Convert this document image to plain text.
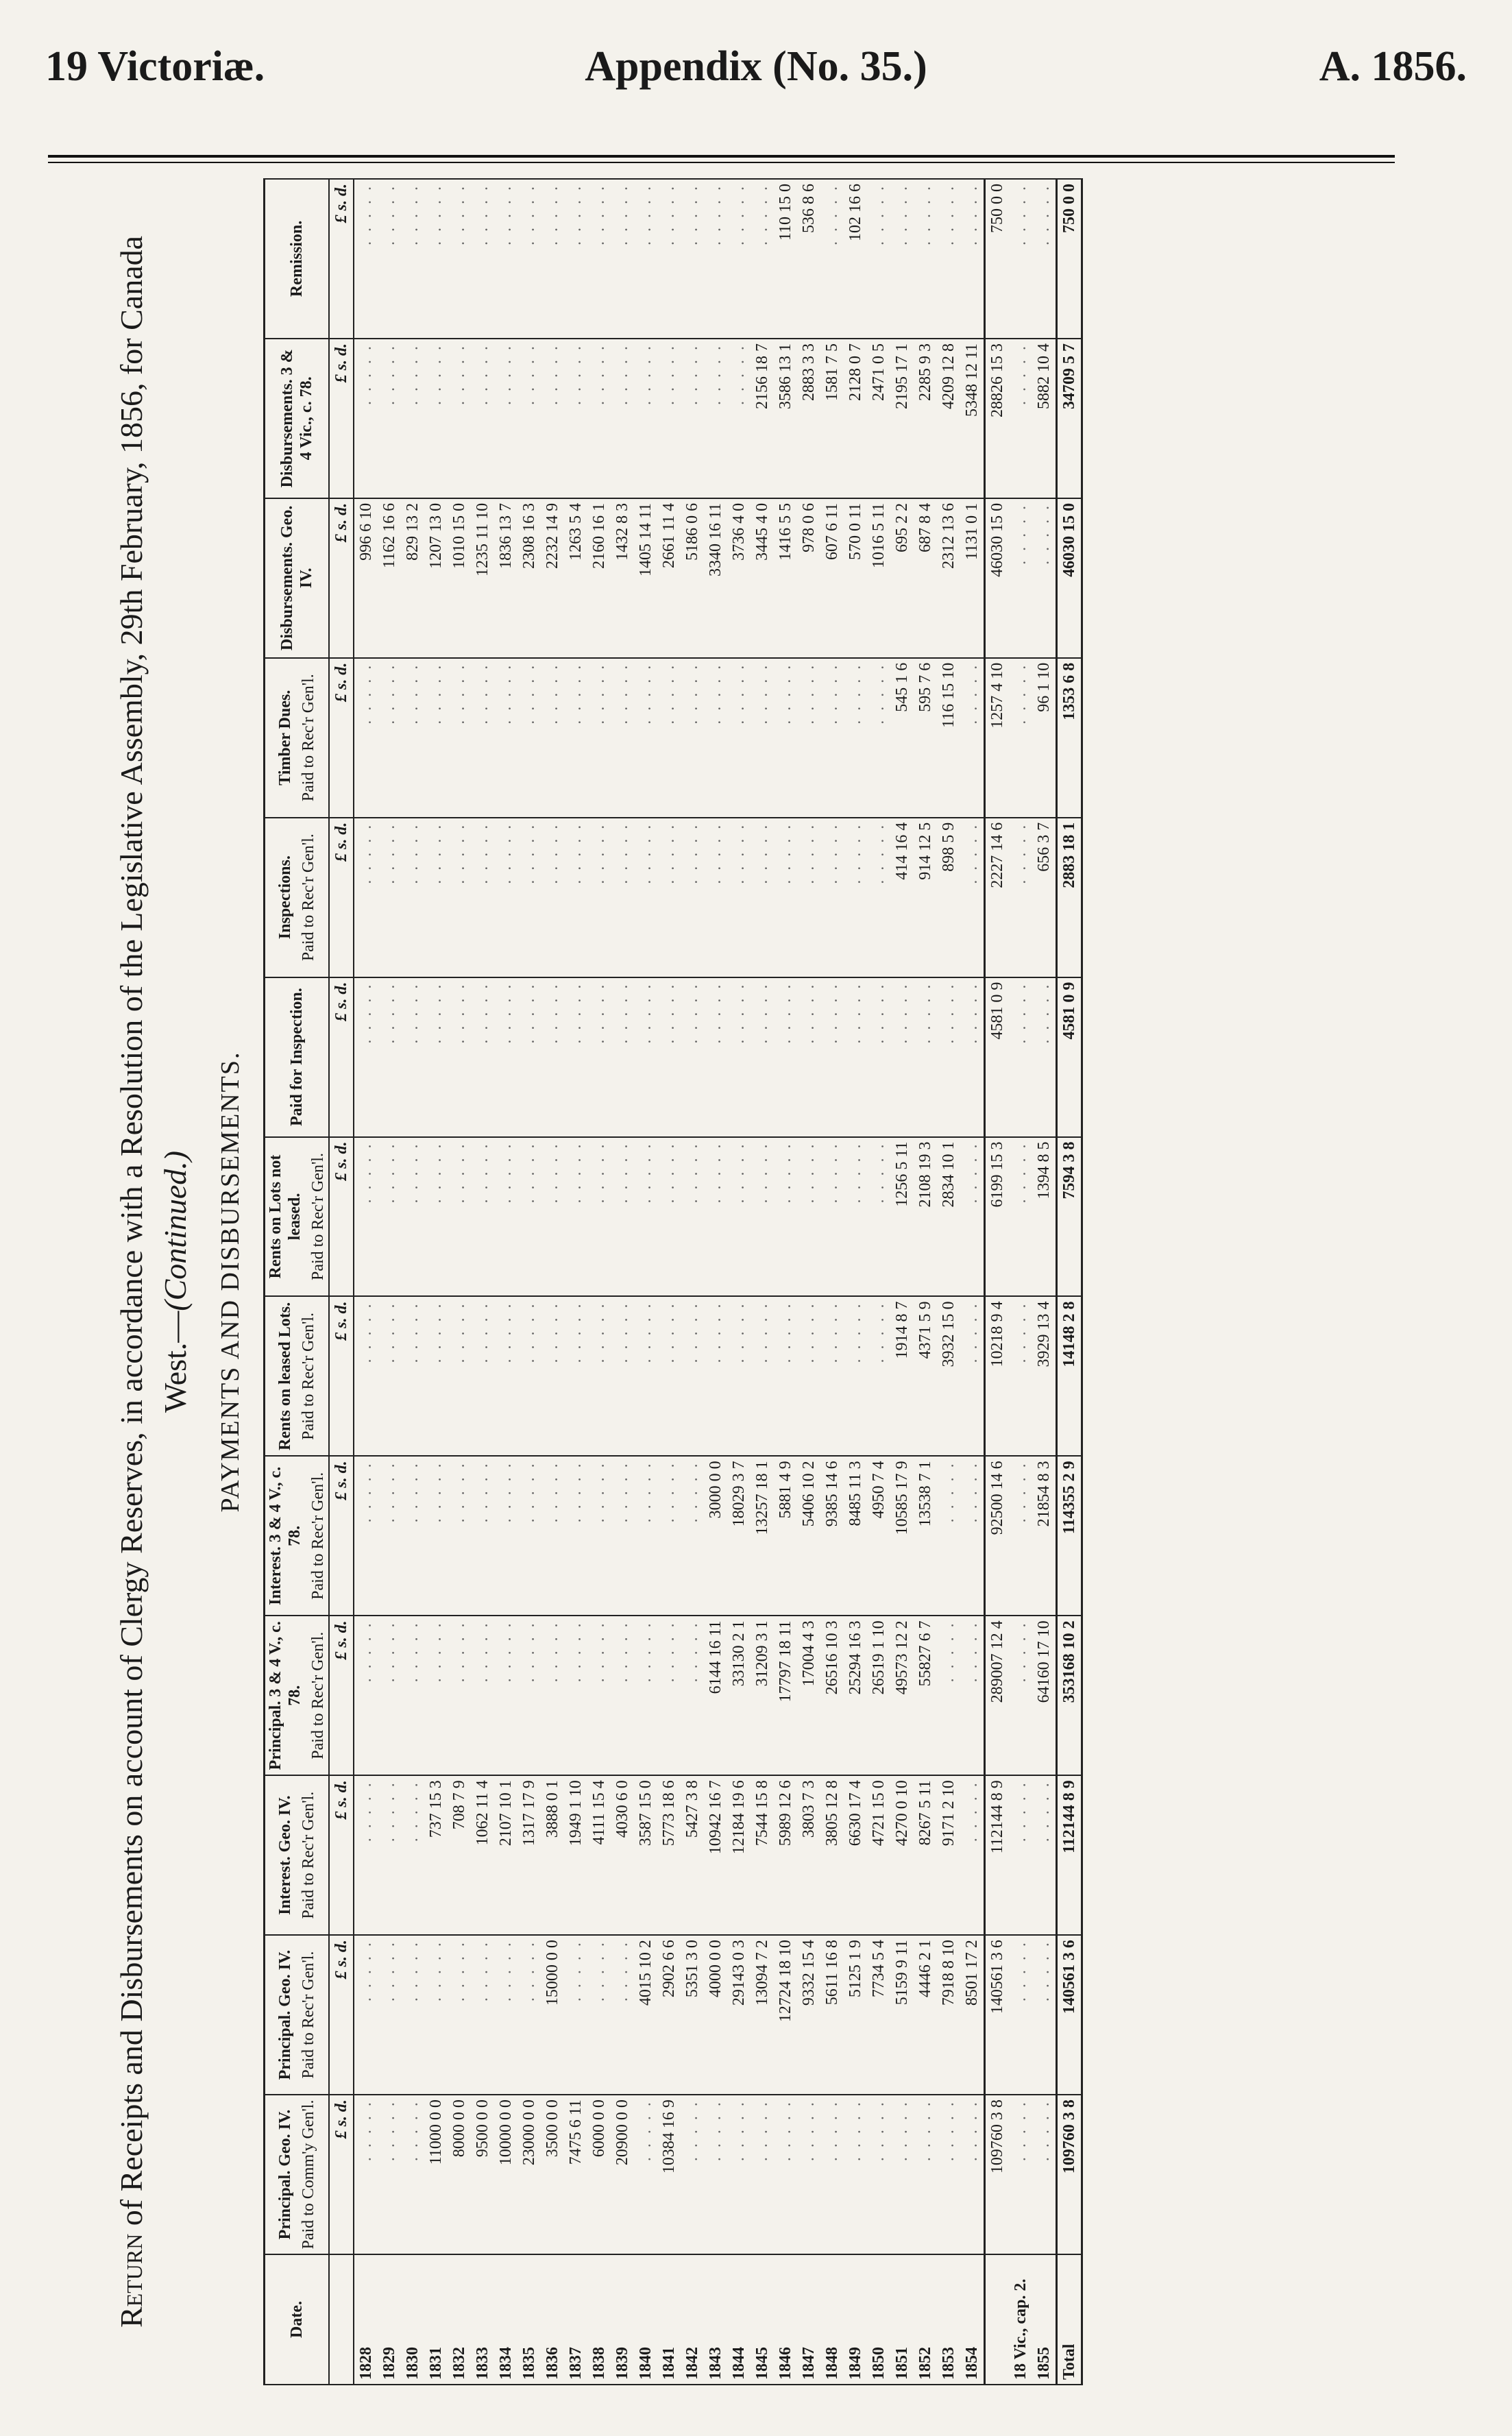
19 Victoriæ.	Appendix (No. 35.)	A. 1856.
Return of Receipts and Disbursements on account of Clergy Reserves, in accordance with a Resolution of the Legislative Assembly, 29th February, 1856, for Canada West.—(Continued.) PAYMENTS AND DISBURSEMENTS.
Date.	Principal. Geo. IV. Paid to Comm'y Gen'l.	Principal. Geo. IV. Paid to Rec'r Gen'l.	Interest. Geo. IV. Paid to Rec'r Gen'l.	Principal. 3 & 4 V., c. 78. Paid to Rec'r Gen'l.	Interest. 3 & 4 V., c. 78. Paid to Rec'r Gen'l.	Rents on leased Lots. Paid to Rec'r Gen'l.	Rents on Lots not leased. Paid to Rec'r Gen'l.	Paid for Inspection.	Inspections. Paid to Rec'r Gen'l.	Timber Dues. Paid to Rec'r Gen'l.	Disbursements. Geo. IV.	Disbursements. 3 & 4 Vic., c. 78.	Remission.

	£ s. d.	£ s. d.	£ s. d.	£ s. d.	£ s. d.	£ s. d.	£ s. d.	£ s. d.	£ s. d.	£ s. d.	£ s. d.	£ s. d.	£ s. d.
1828	. . . . .	. . . . .	. . . . .	. . . . .	. . . . .	. . . . .	. . . . .	. . . . .	. . . . .	. . . . .	996 6 10	. . . . .	. . . . .
1829	. . . . .	. . . . .	. . . . .	. . . . .	. . . . .	. . . . .	. . . . .	. . . . .	. . . . .	. . . . .	1162 16 6	. . . . .	. . . . .
1830	. . . . .	. . . . .	. . . . .	. . . . .	. . . . .	. . . . .	. . . . .	. . . . .	. . . . .	. . . . .	829 13 2	. . . . .	. . . . .
1831	11000 0 0	. . . . .	737 15 3	. . . . .	. . . . .	. . . . .	. . . . .	. . . . .	. . . . .	. . . . .	1207 13 0	. . . . .	. . . . .
1832	8000 0 0	. . . . .	708 7 9	. . . . .	. . . . .	. . . . .	. . . . .	. . . . .	. . . . .	. . . . .	1010 15 0	. . . . .	. . . . .
1833	9500 0 0	. . . . .	1062 11 4	. . . . .	. . . . .	. . . . .	. . . . .	. . . . .	. . . . .	. . . . .	1235 11 10	. . . . .	. . . . .
1834	10000 0 0	. . . . .	2107 10 1	. . . . .	. . . . .	. . . . .	. . . . .	. . . . .	. . . . .	. . . . .	1836 13 7	. . . . .	. . . . .
1835	23000 0 0	. . . . .	1317 17 9	. . . . .	. . . . .	. . . . .	. . . . .	. . . . .	. . . . .	. . . . .	2308 16 3	. . . . .	. . . . .
1836	3500 0 0	15000 0 0	3888 0 1	. . . . .	. . . . .	. . . . .	. . . . .	. . . . .	. . . . .	. . . . .	2232 14 9	. . . . .	. . . . .
1837	7475 6 11	. . . . .	1949 1 10	. . . . .	. . . . .	. . . . .	. . . . .	. . . . .	. . . . .	. . . . .	1263 5 4	. . . . .	. . . . .
1838	6000 0 0	. . . . .	4111 15 4	. . . . .	. . . . .	. . . . .	. . . . .	. . . . .	. . . . .	. . . . .	2160 16 1	. . . . .	. . . . .
1839	20900 0 0	. . . . .	4030 6 0	. . . . .	. . . . .	. . . . .	. . . . .	. . . . .	. . . . .	. . . . .	1432 8 3	. . . . .	. . . . .
1840	. . . . .	4015 10 2	3587 15 0	. . . . .	. . . . .	. . . . .	. . . . .	. . . . .	. . . . .	. . . . .	1405 14 11	. . . . .	. . . . .
1841	10384 16 9	2902 6 6	5773 18 6	. . . . .	. . . . .	. . . . .	. . . . .	. . . . .	. . . . .	. . . . .	2661 11 4	. . . . .	. . . . .
1842	. . . . .	5351 3 0	5427 3 8	. . . . .	. . . . .	. . . . .	. . . . .	. . . . .	. . . . .	. . . . .	5186 0 6	. . . . .	. . . . .
1843	. . . . .	4000 0 0	10942 16 7	6144 16 11	3000 0 0	. . . . .	. . . . .	. . . . .	. . . . .	. . . . .	3340 16 11	. . . . .	. . . . .
1844	. . . . .	29143 0 3	12184 19 6	33130 2 1	18029 3 7	. . . . .	. . . . .	. . . . .	. . . . .	. . . . .	3736 4 0	. . . . .	. . . . .
1845	. . . . .	13094 7 2	7544 15 8	31209 3 1	13257 18 1	. . . . .	. . . . .	. . . . .	. . . . .	. . . . .	3445 4 0	2156 18 7	. . . . .
1846	. . . . .	12724 18 10	5989 12 6	17797 18 11	5881 4 9	. . . . .	. . . . .	. . . . .	. . . . .	. . . . .	1416 5 5	3586 13 1	110 15 0
1847	. . . . .	9332 15 4	3803 7 3	17004 4 3	5406 10 2	. . . . .	. . . . .	. . . . .	. . . . .	. . . . .	978 0 6	2883 3 3	536 8 6
1848	. . . . .	5611 16 8	3805 12 8	26516 10 3	9385 14 6	. . . . .	. . . . .	. . . . .	. . . . .	. . . . .	607 6 11	1581 7 5	. . . . .
1849	. . . . .	5125 1 9	6630 17 4	25294 16 3	8485 11 3	. . . . .	. . . . .	. . . . .	. . . . .	. . . . .	570 0 11	2128 0 7	102 16 6
1850	. . . . .	7734 5 4	4721 15 0	26519 1 10	4950 7 4	. . . . .	. . . . .	. . . . .	. . . . .	. . . . .	1016 5 11	2471 0 5	. . . . .
1851	. . . . .	5159 9 11	4270 0 10	49573 12 2	10585 17 9	1914 8 7	1256 5 11	. . . . .	414 16 4	545 1 6	695 2 2	2195 17 1	. . . . .
1852	. . . . .	4446 2 1	8267 5 11	55827 6 7	13538 7 1	4371 5 9	2108 19 3	. . . . .	914 12 5	595 7 6	687 8 4	2285 9 3	. . . . .
1853	. . . . .	7918 8 10	9171 2 10	. . . . .	. . . . .	3932 15 0	2834 10 1	. . . . .	898 5 9	116 15 10	2312 13 6	4209 12 8	. . . . .
1854	. . . . .	8501 17 2	. . . . .	. . . . .	. . . . .	. . . . .	. . . . .	. . . . .	. . . . .	. . . . .	1131 0 1	5348 12 11	. . . . .
	109760 3 8	140561 3 6	112144 8 9	289007 12 4	92500 14 6	10218 9 4	6199 15 3	4581 0 9	2227 14 6	1257 4 10	46030 15 0	28826 15 3	750 0 0
18 Vic., cap. 2.	. . . . .	. . . . .	. . . . .	. . . . .	. . . . .	. . . . .	. . . . .	. . . . .	. . . . .	. . . . .	. . . . .	. . . . .	. . . . .
1855	. . . . .	. . . . .	. . . . .	64160 17 10	21854 8 3	3929 13 4	1394 8 5	. . . . .	656 3 7	96 1 10	. . . . .	5882 10 4	. . . . .
Total	109760 3 8	140561 3 6	112144 8 9	353168 10 2	114355 2 9	14148 2 8	7594 3 8	4581 0 9	2883 18 1	1353 6 8	46030 15 0	34709 5 7	750 0 0
